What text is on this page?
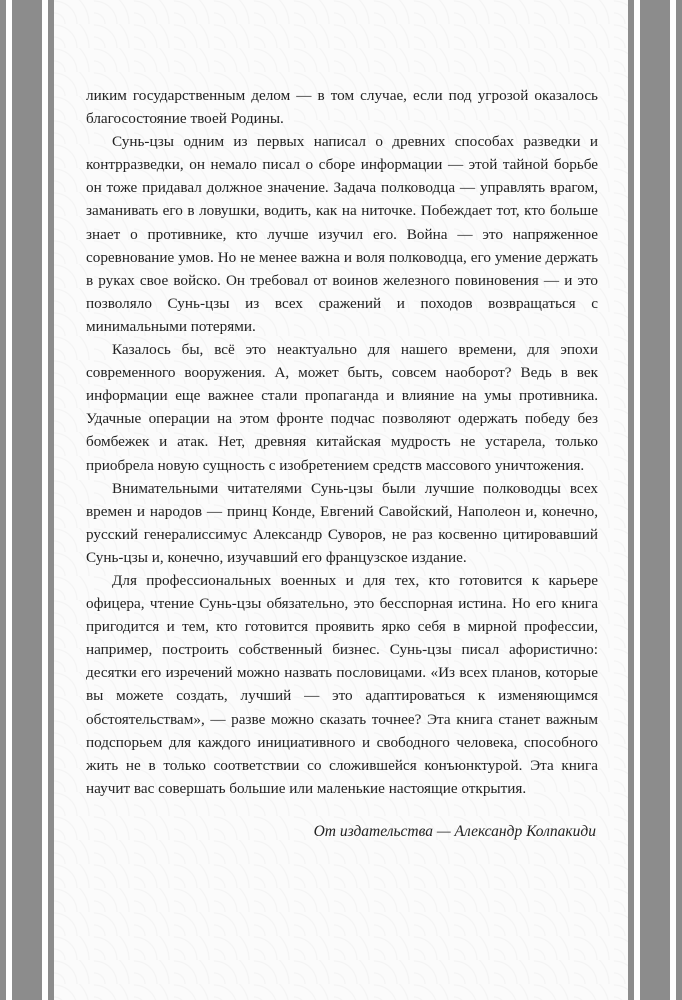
ликим государственным делом — в том случае, если под угрозой оказалось благосостояние твоей Родины.

Сунь-цзы одним из первых написал о древних способах разведки и контрразведки, он немало писал о сборе информации — этой тайной борьбе он тоже придавал должное значение. Задача полководца — управлять врагом, заманивать его в ловушки, водить, как на ниточке. Побеждает тот, кто больше знает о противнике, кто лучше изучил его. Война — это напряженное соревнование умов. Но не менее важна и воля полководца, его умение держать в руках свое войско. Он требовал от воинов железного повиновения — и это позволяло Сунь-цзы из всех сражений и походов возвращаться с минимальными потерями.

Казалось бы, всё это неактуально для нашего времени, для эпохи современного вооружения. А, может быть, совсем наоборот? Ведь в век информации еще важнее стали пропаганда и влияние на умы противника. Удачные операции на этом фронте подчас позволяют одержать победу без бомбежек и атак. Нет, древняя китайская мудрость не устарела, только приобрела новую сущность с изобретением средств массового уничтожения.

Внимательными читателями Сунь-цзы были лучшие полководцы всех времен и народов — принц Конде, Евгений Савойский, Наполеон и, конечно, русский генералиссимус Александр Суворов, не раз косвенно цитировавший Сунь-цзы и, конечно, изучавший его французское издание.

Для профессиональных военных и для тех, кто готовится к карьере офицера, чтение Сунь-цзы обязательно, это бесспорная истина. Но его книга пригодится и тем, кто готовится проявить ярко себя в мирной профессии, например, построить собственный бизнес. Сунь-цзы писал афористично: десятки его изречений можно назвать пословицами. «Из всех планов, которые вы можете создать, лучший — это адаптироваться к изменяющимся обстоятельствам», — разве можно сказать точнее? Эта книга станет важным подспорьем для каждого инициативного и свободного человека, способного жить не в только соответствии со сложившейся конъюнктурой. Эта книга научит вас совершать большие или маленькие настоящие открытия.

От издательства — Александр Колпакиди
